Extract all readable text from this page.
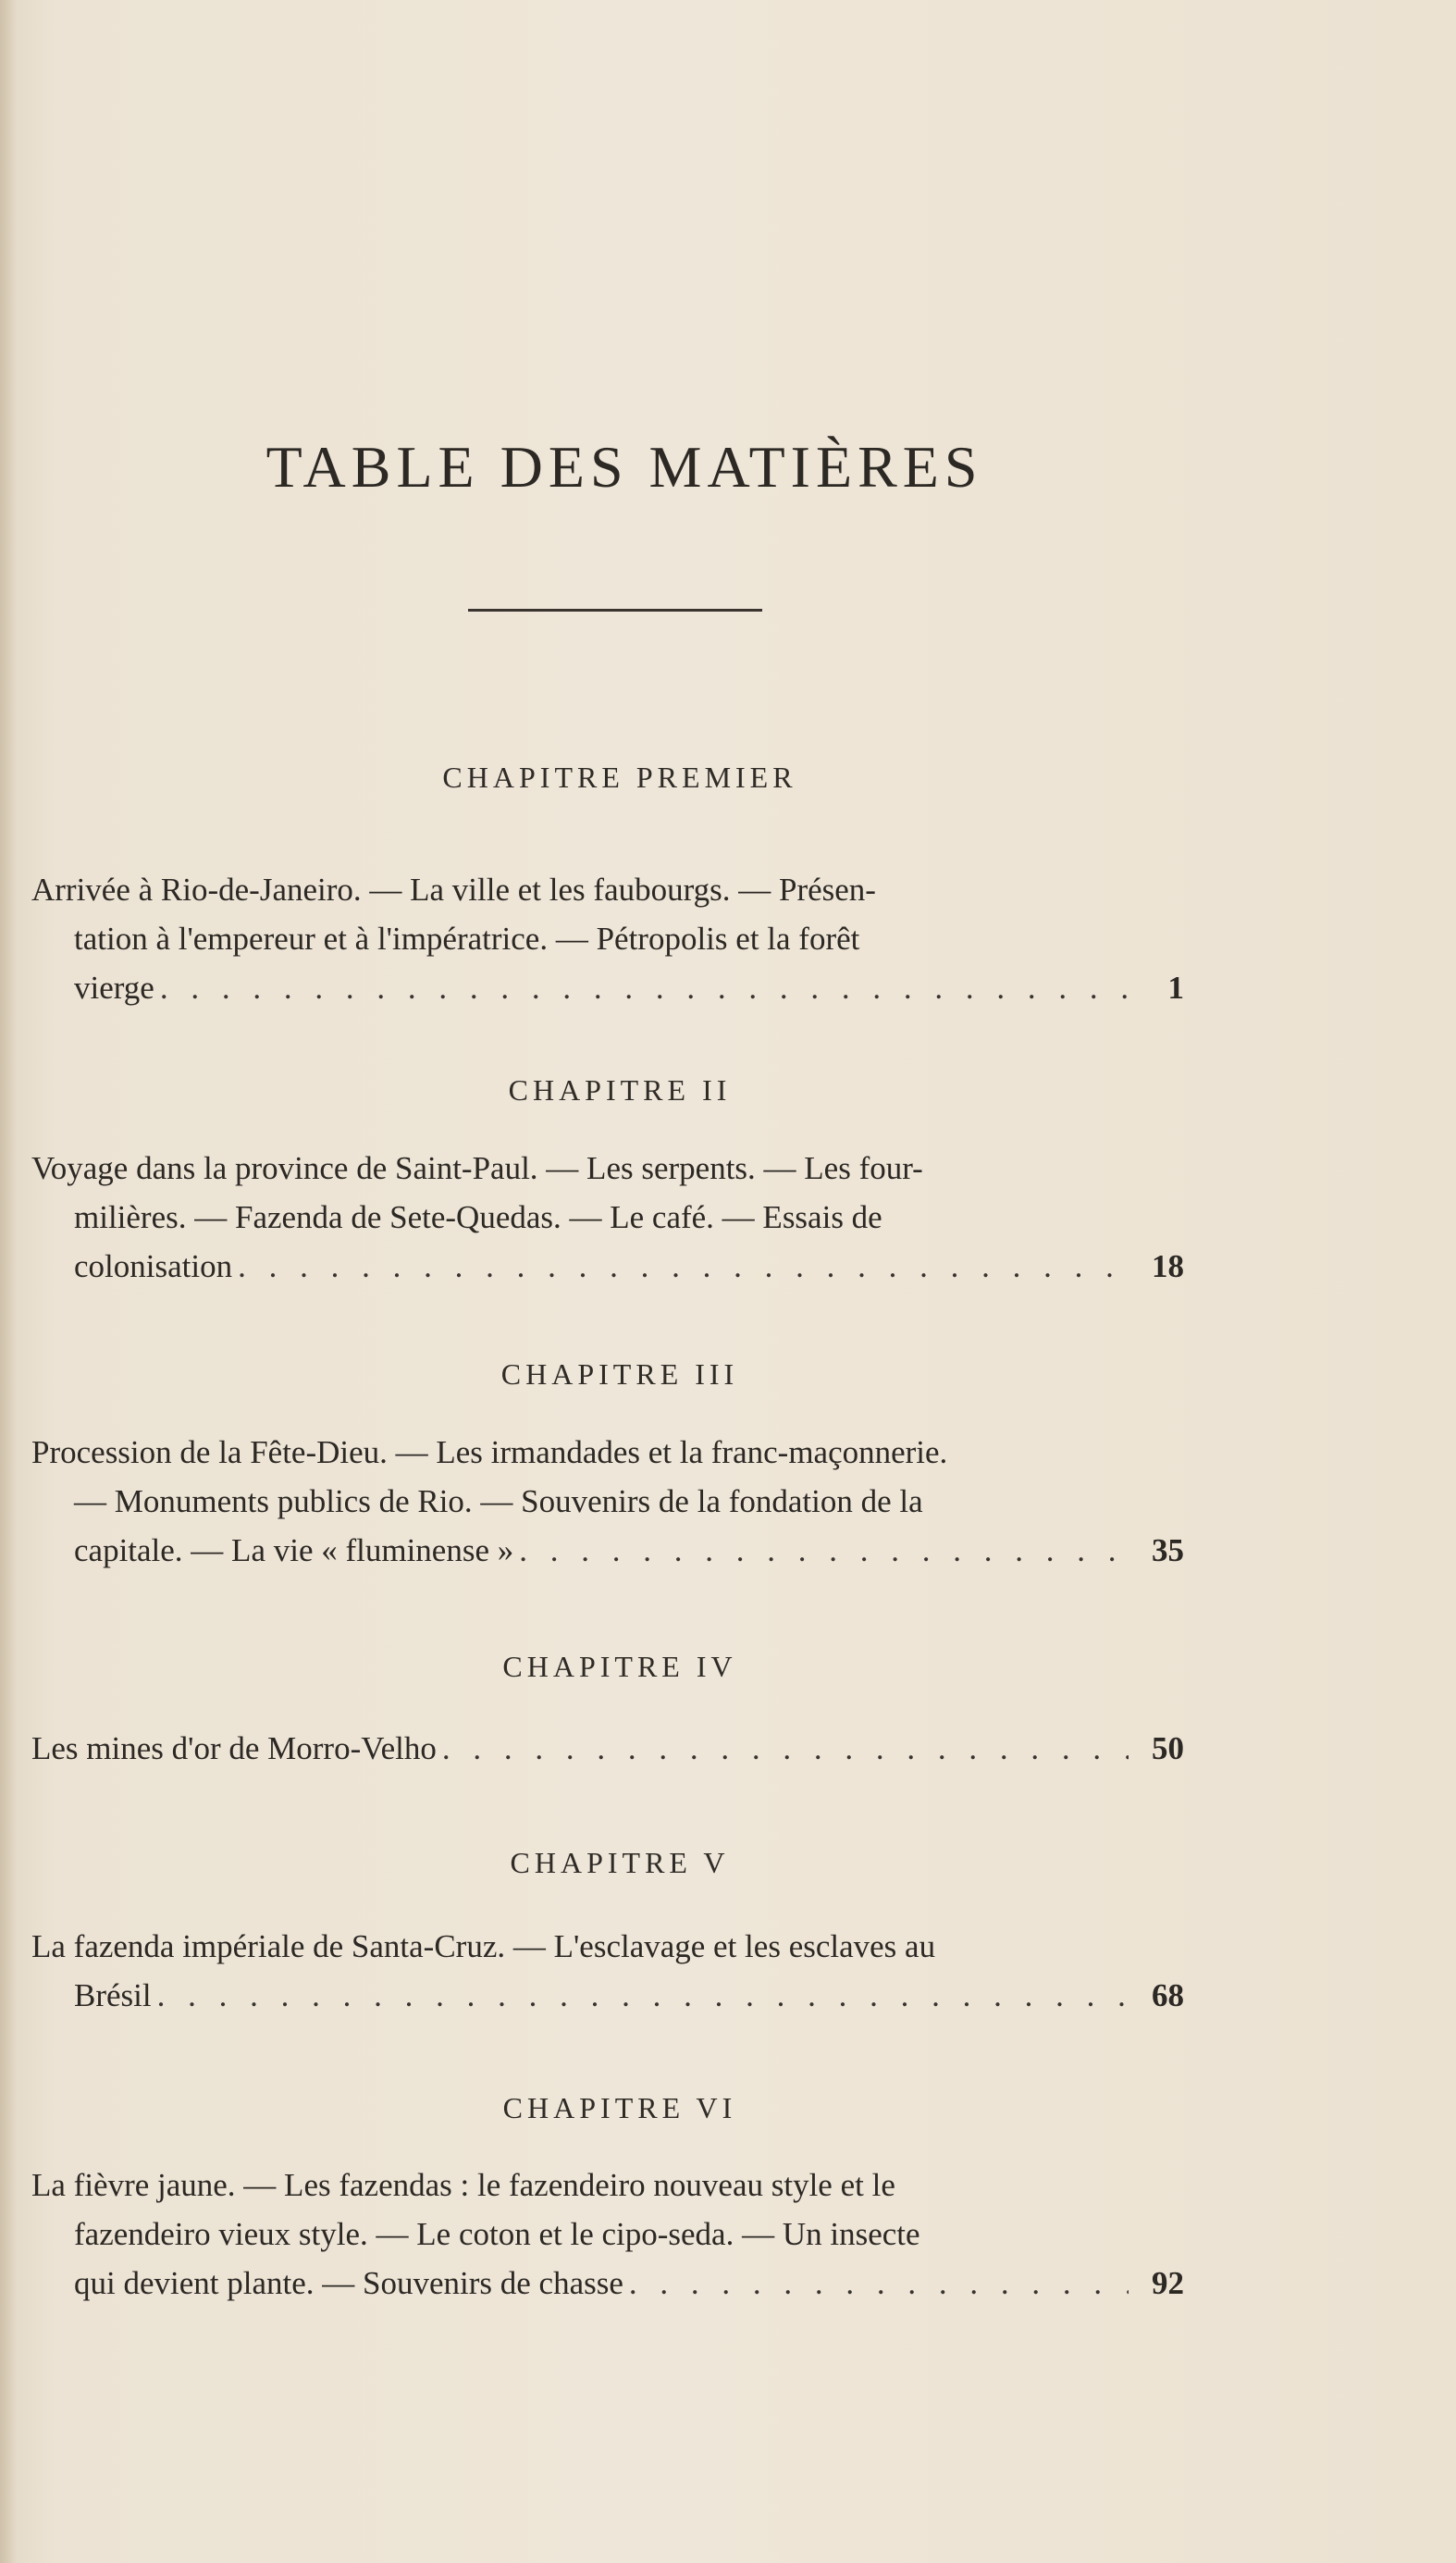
TABLE DES MATIÈRES
CHAPITRE PREMIER
Arrivée à Rio-de-Janeiro. — La ville et les faubourgs. — Présen-
tation à l'empereur et à l'impératrice. — Pétropolis et la forêt
vierge . . .	1
CHAPITRE II
Voyage dans la province de Saint-Paul. — Les serpents. — Les four-
milières. — Fazenda de Sete-Quedas. — Le café. — Essais de
colonisation . . .	18
CHAPITRE III
Procession de la Fête-Dieu. — Les irmandades et la franc-maçonnerie.
— Monuments publics de Rio. — Souvenirs de la fondation de la
capitale. — La vie « fluminense » . . .	35
CHAPITRE IV
Les mines d'or de Morro-Velho . . .	50
CHAPITRE V
La fazenda impériale de Santa-Cruz. — L'esclavage et les esclaves au
Brésil . . .	68
CHAPITRE VI
La fièvre jaune. — Les fazendas : le fazendeiro nouveau style et le
fazendeiro vieux style. — Le coton et le cipo-seda. — Un insecte
qui devient plante. — Souvenirs de chasse . . .	92
